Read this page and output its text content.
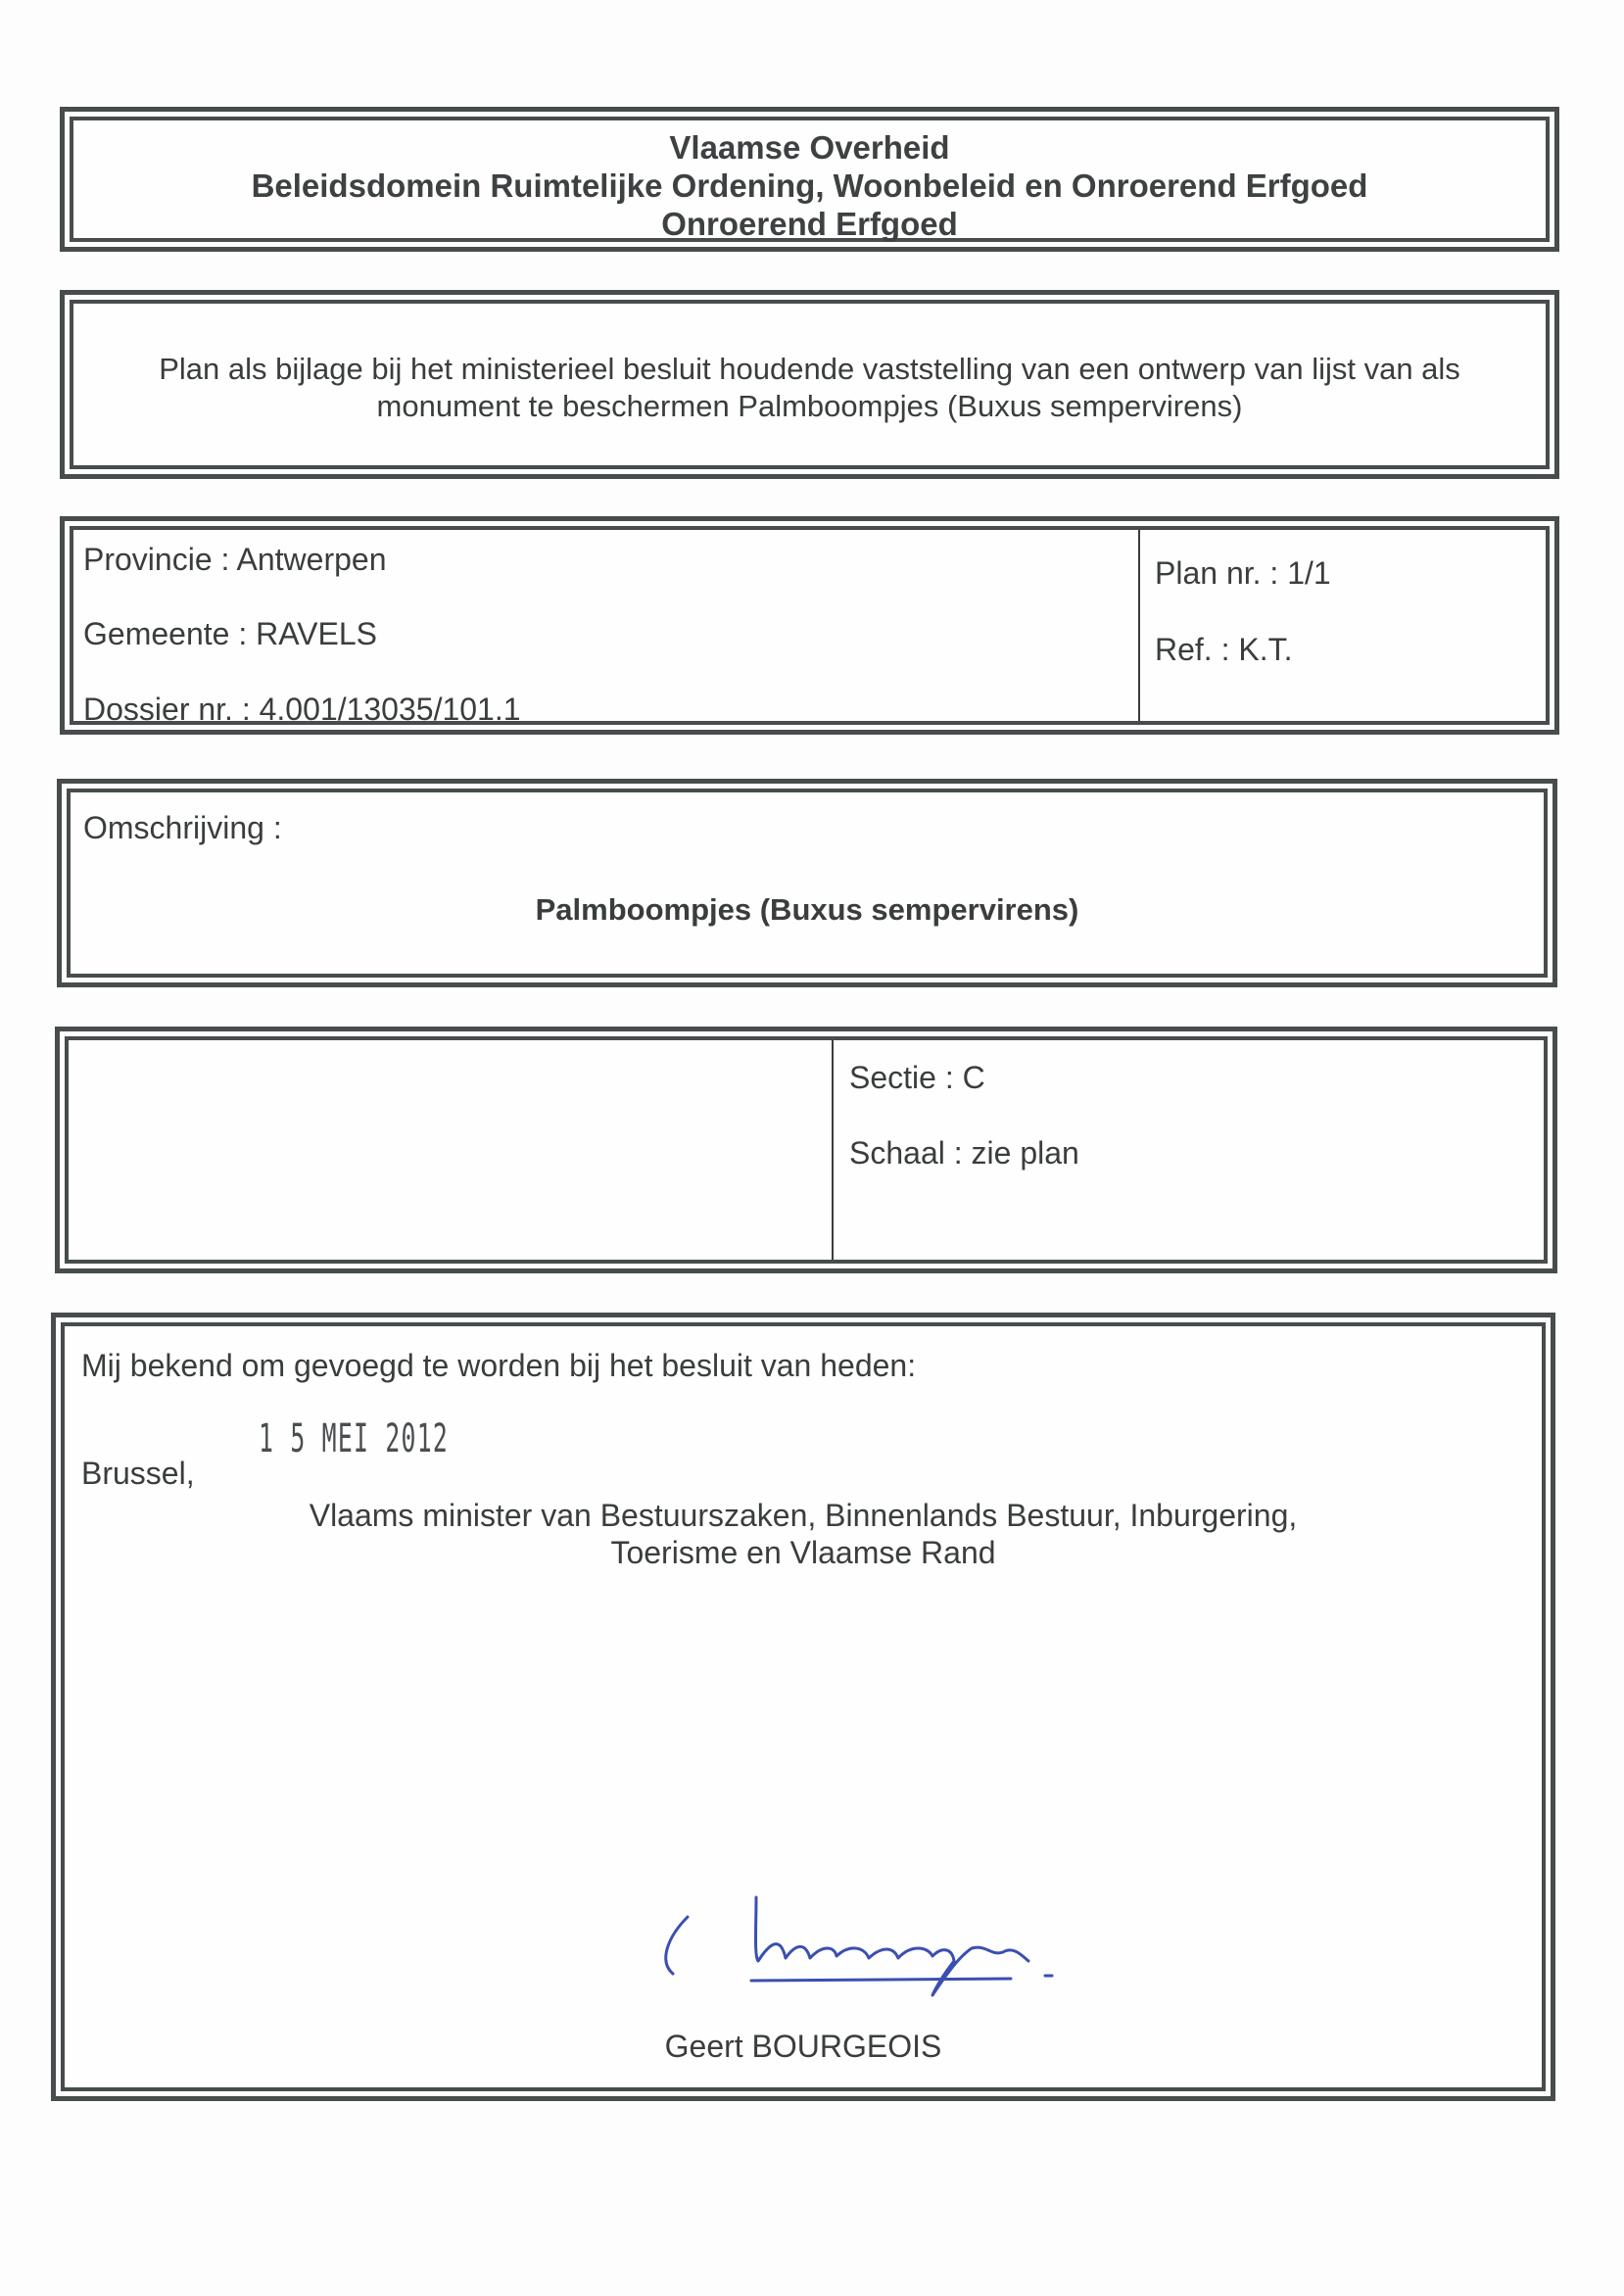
Vlaamse Overheid
Beleidsdomein Ruimtelijke Ordening, Woonbeleid en Onroerend Erfgoed
Onroerend Erfgoed
Plan als bijlage bij het ministerieel besluit houdende vaststelling van een ontwerp van lijst van als
monument te beschermen Palmboompjes (Buxus sempervirens)
Provincie : Antwerpen
Gemeente : RAVELS
Dossier nr. : 4.001/13035/101.1
Plan nr. : 1/1
Ref. : K.T.
Omschrijving :
Palmboompjes (Buxus sempervirens)
Sectie : C
Schaal : zie plan
Mij bekend om gevoegd te worden bij het besluit van heden:
1 5 MEI 2012
Brussel,
Vlaams minister van Bestuurszaken, Binnenlands Bestuur, Inburgering,
Toerisme en Vlaamse Rand
Geert BOURGEOIS
